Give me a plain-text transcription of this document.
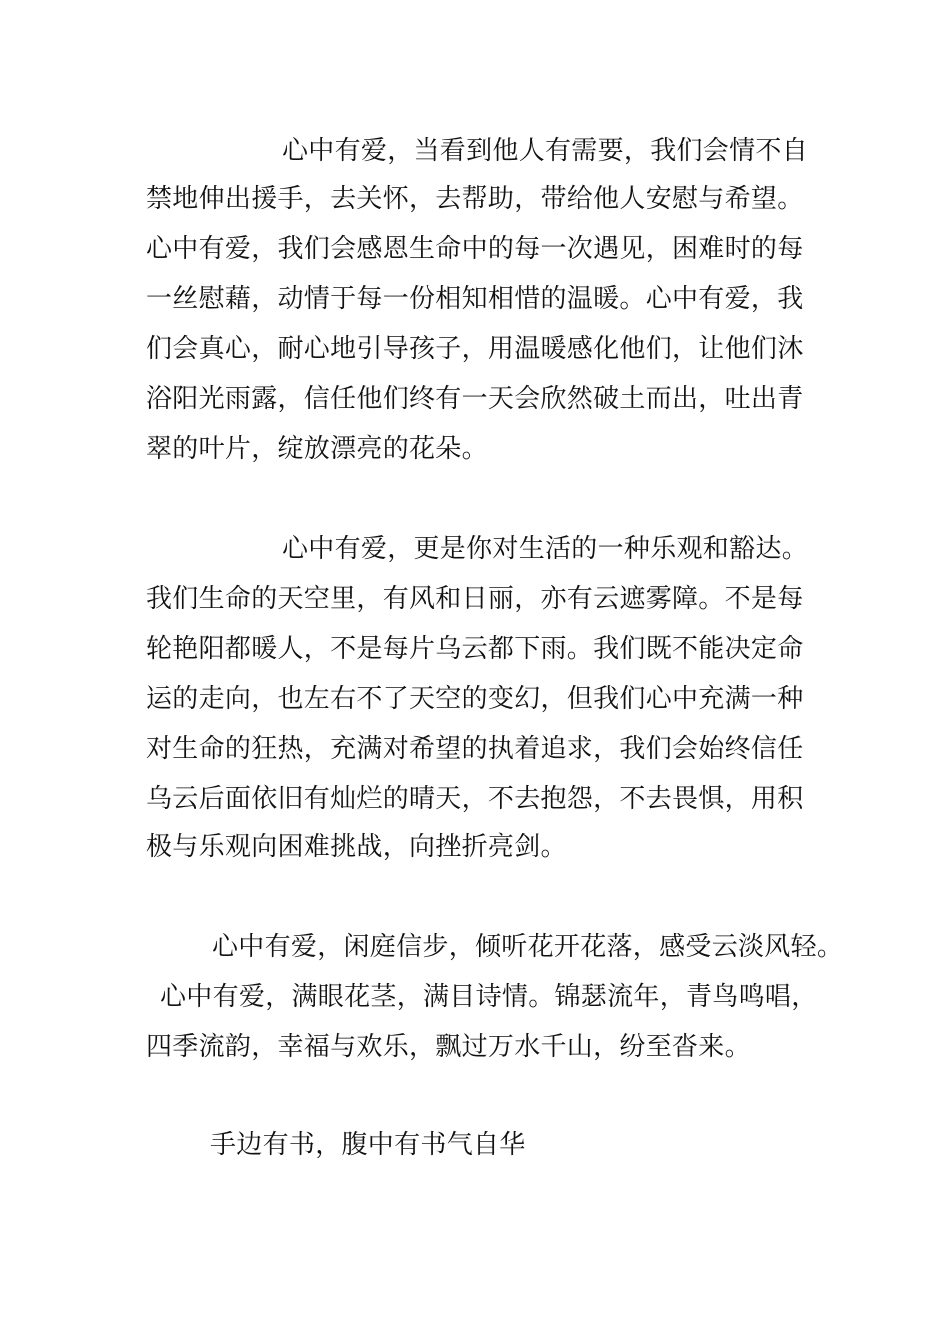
心中有爱，当看到他人有需要，我们会情不自
禁地伸出援手，去关怀，去帮助，带给他人安慰与希望。
心中有爱，我们会感恩生命中的每一次遇见，困难时的每
一丝慰藉，动情于每一份相知相惜的温暖。心中有爱，我
们会真心，耐心地引导孩子，用温暖感化他们，让他们沐
浴阳光雨露，信任他们终有一天会欣然破土而出，吐出青
翠的叶片，绽放漂亮的花朵。
心中有爱，更是你对生活的一种乐观和豁达。
我们生命的天空里，有风和日丽，亦有云遮雾障。不是每
轮艳阳都暖人，不是每片乌云都下雨。我们既不能决定命
运的走向，也左右不了天空的变幻，但我们心中充满一种
对生命的狂热，充满对希望的执着追求，我们会始终信任
乌云后面依旧有灿烂的晴天，不去抱怨，不去畏惧，用积
极与乐观向困难挑战，向挫折亮剑。
心中有爱，闲庭信步，倾听花开花落，感受云淡风轻。
心中有爱，满眼花茎，满目诗情。锦瑟流年，青鸟鸣唱，
四季流韵，幸福与欢乐，飘过万水千山，纷至沓来。
手边有书，腹中有书气自华
